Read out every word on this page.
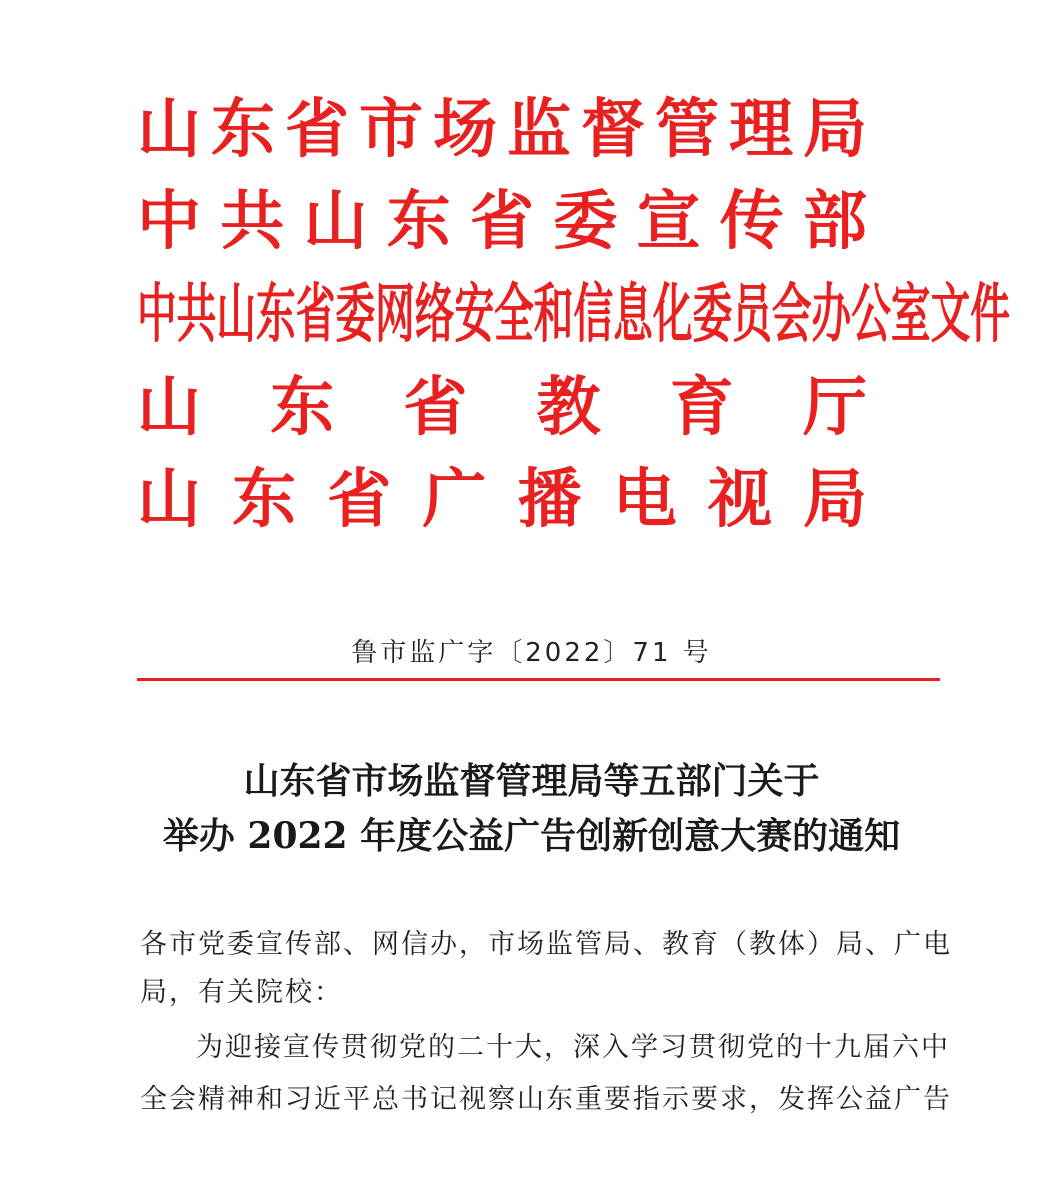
山 东 省 市 场 监 督 管 理 局
中 共 山 东 省 委 宣 传 部
中共山东省委网络安全和信息化委员会办公室文件
山 东 省 教 育 厅
山 东 省 广 播 电 视 局
鲁市监广字〔2022〕71 号
山东省市场监督管理局等五部门关于
举办 2022 年度公益广告创新创意大赛的通知
各市党委宣传部、网信办，市场监管局、教育（教体）局、广电
局，有关院校：
为迎接宣传贯彻党的二十大，深入学习贯彻党的十九届六中
全会精神和习近平总书记视察山东重要指示要求，发挥公益广告
